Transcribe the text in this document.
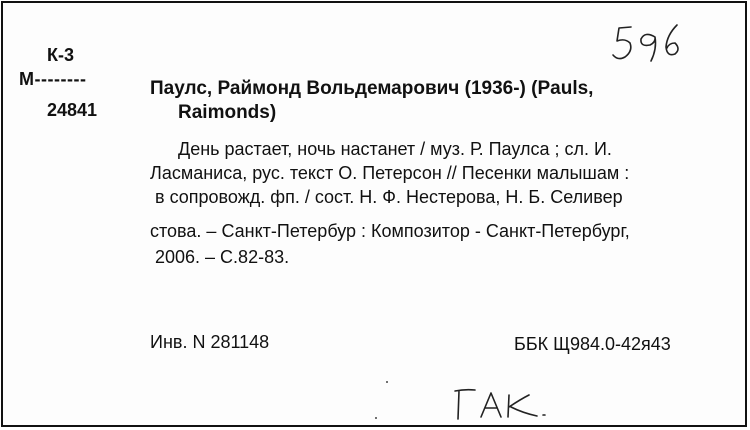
К-3
М--------
24841
Паулс, Раймонд Вольдемарович (1936-) (Pauls,
Raimonds)
День растает, ночь настанет / муз. Р. Паулса ; сл. И.
Ласманиса, рус. текст О. Петерсон // Песенки малышам :
в сопровожд. фп. / сост. Н. Ф. Нестерова, Н. Б. Селивер
стова. – Санкт-Петербур : Композитор - Санкт-Петербург,
2006. – С.82-83.
Инв. N 281148	ББК Щ984.0-42я43
